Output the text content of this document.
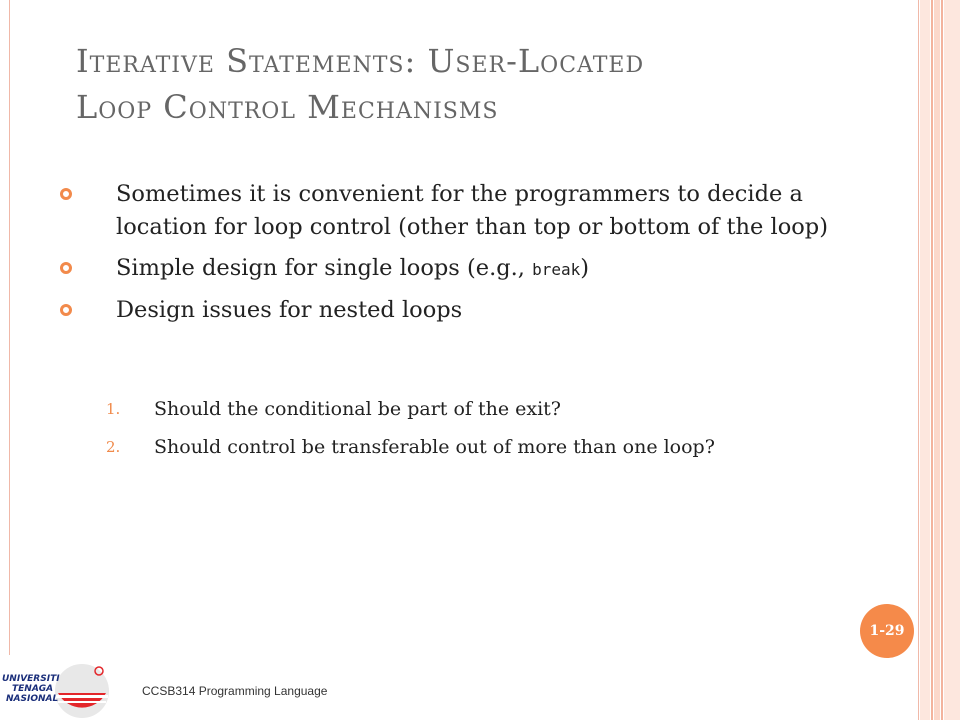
Iterative Statements: User-Located
Loop Control Mechanisms
Sometimes it is convenient for the programmers to decide a location for loop control (other than top or bottom of the loop)
Simple design for single loops (e.g., break)
Design issues for nested loops
1. Should the conditional be part of the exit?
2. Should control be transferable out of more than one loop?
1-29
UNIVERSITI
TENAGA
NASIONAL
CCSB314 Programming Language
